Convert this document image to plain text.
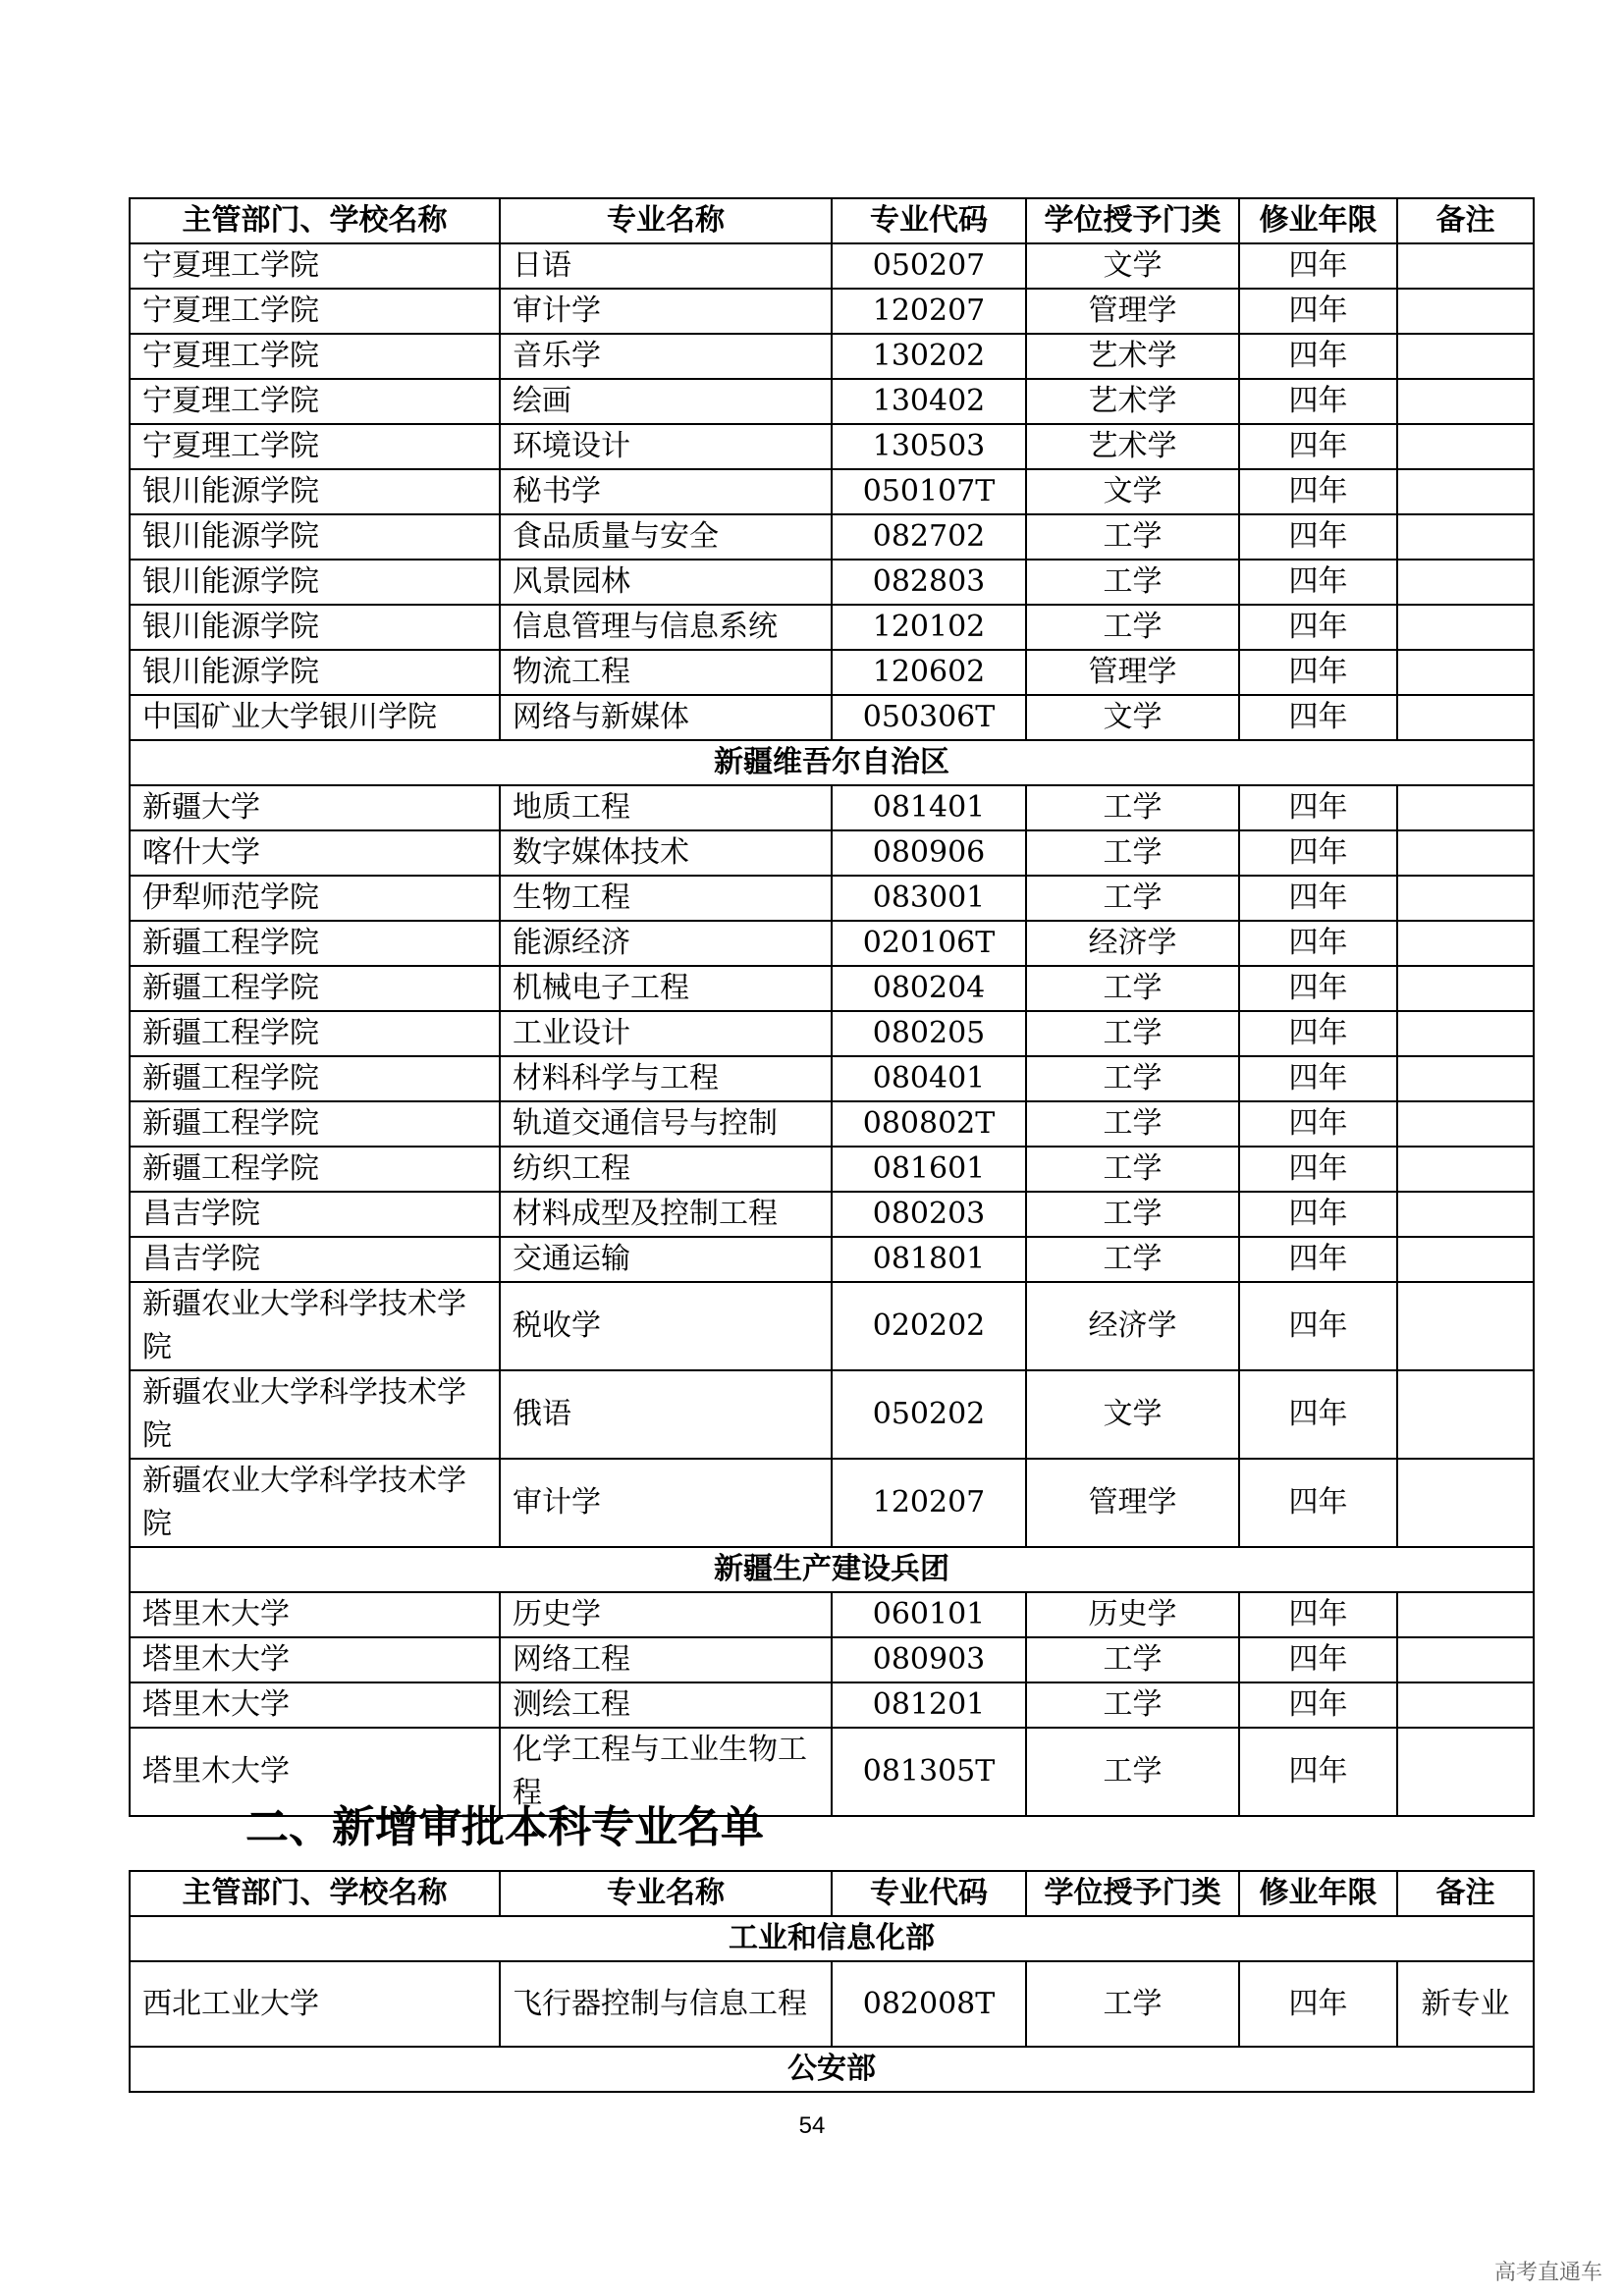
主管部门、学校名称	专业名称	专业代码	学位授予门类	修业年限	备注
宁夏理工学院	日语	050207	文学	四年	
宁夏理工学院	审计学	120207	管理学	四年	
宁夏理工学院	音乐学	130202	艺术学	四年	
宁夏理工学院	绘画	130402	艺术学	四年	
宁夏理工学院	环境设计	130503	艺术学	四年	
银川能源学院	秘书学	050107T	文学	四年	
银川能源学院	食品质量与安全	082702	工学	四年	
银川能源学院	风景园林	082803	工学	四年	
银川能源学院	信息管理与信息系统	120102	工学	四年	
银川能源学院	物流工程	120602	管理学	四年	
中国矿业大学银川学院	网络与新媒体	050306T	文学	四年	
新疆维吾尔自治区					
新疆大学	地质工程	081401	工学	四年	
喀什大学	数字媒体技术	080906	工学	四年	
伊犁师范学院	生物工程	083001	工学	四年	
新疆工程学院	能源经济	020106T	经济学	四年	
新疆工程学院	机械电子工程	080204	工学	四年	
新疆工程学院	工业设计	080205	工学	四年	
新疆工程学院	材料科学与工程	080401	工学	四年	
新疆工程学院	轨道交通信号与控制	080802T	工学	四年	
新疆工程学院	纺织工程	081601	工学	四年	
昌吉学院	材料成型及控制工程	080203	工学	四年	
昌吉学院	交通运输	081801	工学	四年	
新疆农业大学科学技术学院	税收学	020202	经济学	四年	
新疆农业大学科学技术学院	俄语	050202	文学	四年	
新疆农业大学科学技术学院	审计学	120207	管理学	四年	
新疆生产建设兵团					
塔里木大学	历史学	060101	历史学	四年	
塔里木大学	网络工程	080903	工学	四年	
塔里木大学	测绘工程	081201	工学	四年	
塔里木大学	化学工程与工业生物工程	081305T	工学	四年	
二、新增审批本科专业名单
主管部门、学校名称	专业名称	专业代码	学位授予门类	修业年限	备注
工业和信息化部					
西北工业大学	飞行器控制与信息工程	082008T	工学	四年	新专业
公安部					
54
高考直通车
